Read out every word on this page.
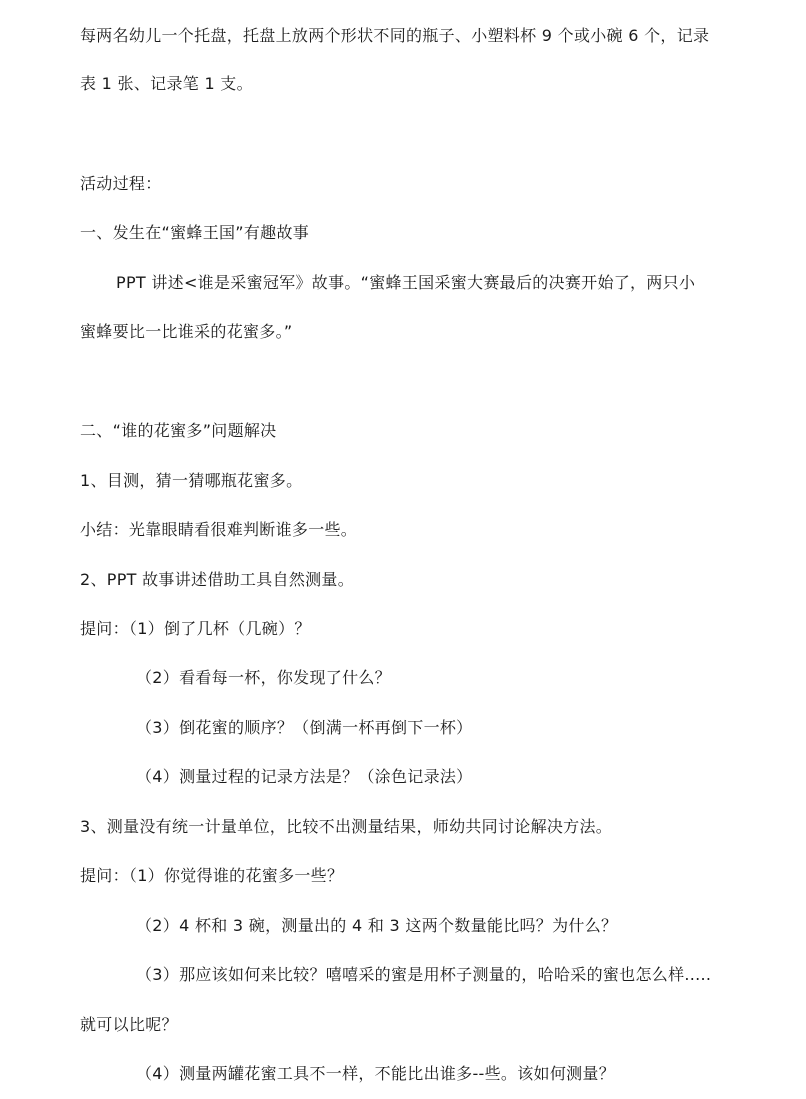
每两名幼儿一个托盘，托盘上放两个形状不同的瓶子、小塑料杯 9 个或小碗 6 个，记录
表 1 张、记录笔 1 支。
活动过程：
一、发生在“蜜蜂王国”有趣故事
PPT 讲述<谁是采蜜冠军》故事。“蜜蜂王国采蜜大赛最后的决赛开始了，两只小
蜜蜂要比一比谁采的花蜜多。”
二、“谁的花蜜多”问题解决
1、目测，猜一猜哪瓶花蜜多。
小结：光靠眼睛看很难判断谁多一些。
2、PPT 故事讲述借助工具自然测量。
提问：（1）倒了几杯（几碗）？
（2）看看每一杯，你发现了什么？
（3）倒花蜜的顺序？（倒满一杯再倒下一杯）
（4）测量过程的记录方法是？（涂色记录法）
3、测量没有统一计量单位，比较不出测量结果，师幼共同讨论解决方法。
提问：（1）你觉得谁的花蜜多一些？
（2）4 杯和 3 碗，测量出的 4 和 3 这两个数量能比吗？为什么？
（3）那应该如何来比较？嘻嘻采的蜜是用杯子测量的，哈哈采的蜜也怎么样.....
就可以比呢？
（4）测量两罐花蜜工具不一样，不能比出谁多--些。该如何测量？
